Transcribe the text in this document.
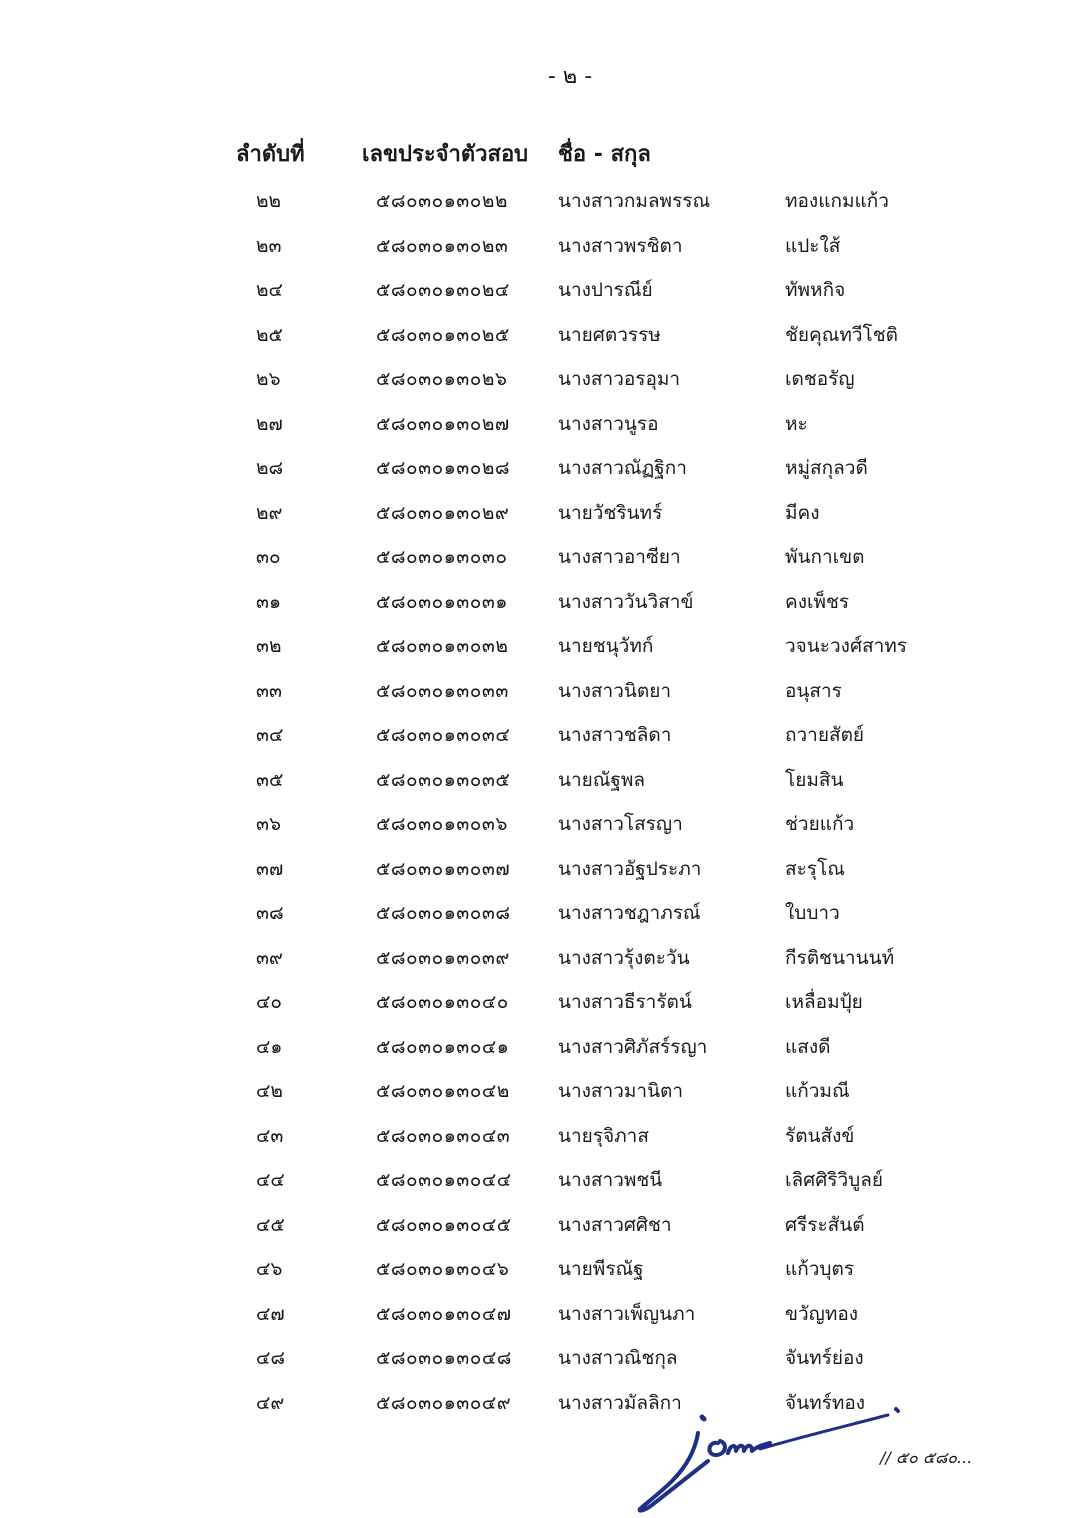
- ๒ -
ลำดับที่	เลขประจำตัวสอบ ชื่อ - สกุล
๒๒	๕๘๐๓๐๑๓๐๒๒	นางสาวกมลพรรณ	ทองแกมแก้ว
๒๓	๕๘๐๓๐๑๓๐๒๓	นางสาวพรชิตา	แปะใส้
๒๔	๕๘๐๓๐๑๓๐๒๔	นางปารณีย์	ทัพหกิจ
๒๕	๕๘๐๓๐๑๓๐๒๕	นายศตวรรษ	ชัยคุณทวีโชติ
๒๖	๕๘๐๓๐๑๓๐๒๖	นางสาวอรอุมา	เดชอรัญ
๒๗	๕๘๐๓๐๑๓๐๒๗	นางสาวนูรอ	หะ
๒๘	๕๘๐๓๐๑๓๐๒๘	นางสาวณัฏฐิกา	หมู่สกุลวดี
๒๙	๕๘๐๓๐๑๓๐๒๙	นายวัชรินทร์	มีคง
๓๐	๕๘๐๓๐๑๓๐๓๐	นางสาวอาซียา	พันกาเขต
๓๑	๕๘๐๓๐๑๓๐๓๑	นางสาววันวิสาข์	คงเพ็ชร
๓๒	๕๘๐๓๐๑๓๐๓๒	นายชนุวัทก์	วจนะวงศ์สาทร
๓๓	๕๘๐๓๐๑๓๐๓๓	นางสาวนิตยา	อนุสาร
๓๔	๕๘๐๓๐๑๓๐๓๔	นางสาวชลิดา	ถวายสัตย์
๓๕	๕๘๐๓๐๑๓๐๓๕	นายณัฐพล	โยมสิน
๓๖	๕๘๐๓๐๑๓๐๓๖	นางสาวโสรญา	ช่วยแก้ว
๓๗	๕๘๐๓๐๑๓๐๓๗	นางสาวอัฐประภา	สะรุโณ
๓๘	๕๘๐๓๐๑๓๐๓๘ นางสาวชฎาภรณ์	ใบบาว
๓๙	๕๘๐๓๐๑๓๐๓๙	นางสาวรุ้งตะวัน	กีรติชนานนท์
๔๐	๕๘๐๓๐๑๓๐๔๐	นางสาวธีรารัตน์	เหลื่อมปุ้ย
๔๑	๕๘๐๓๐๑๓๐๔๑	นางสาวศิภัสร์รญา	แสงดี
๔๒	๕๘๐๓๐๑๓๐๔๒	นางสาวมานิตา	แก้วมณี
๔๓	๕๘๐๓๐๑๓๐๔๓	นายรุจิภาส	รัตนสังข์
๔๔	๕๘๐๓๐๑๓๐๔๔ นางสาวพชนี	เลิศศิริวิบูลย์
๔๕	๕๘๐๓๐๑๓๐๔๕ นางสาวศศิชา	ศรีระสันต์
๔๖	๕๘๐๓๐๑๓๐๔๖	นายพีรณัฐ	แก้วบุตร
๔๗	๕๘๐๓๐๑๓๐๔๗ นางสาวเพ็ญนภา	ขวัญทอง
๔๘	๕๘๐๓๐๑๓๐๔๘ นางสาวณิชกุล	จันทร์ย่อง
๔๙	๕๘๐๓๐๑๓๐๔๙ นางสาวมัลลิกา	จันทร์ทอง
// ๕๐ ๕๘๐...
